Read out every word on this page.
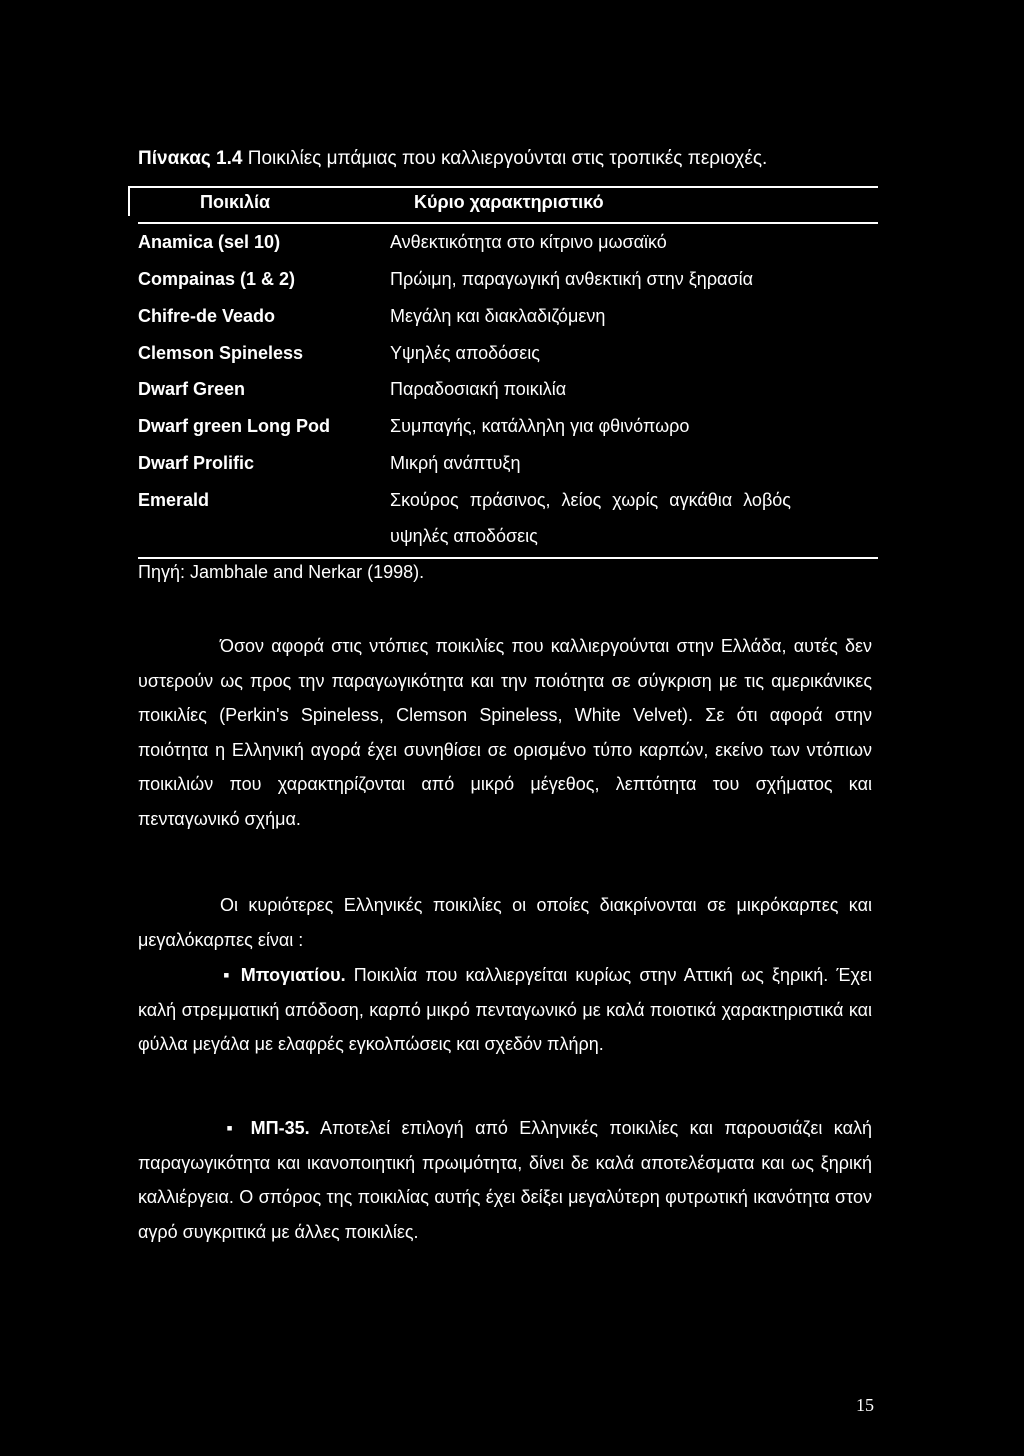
Πίνακας 1.4 Ποικιλίες μπάμιας που καλλιεργούνται στις τροπικές περιοχές.
Ποικιλία	Κύριο χαρακτηριστικό
Anamica (sel 10)	Ανθεκτικότητα στο κίτρινο μωσαϊκό
Compainas (1 & 2)	Πρώιμη, παραγωγική ανθεκτική στην ξηρασία
Chifre-de Veado	Μεγάλη και διακλαδιζόμενη
Clemson Spineless	Υψηλές αποδόσεις
Dwarf Green	Παραδοσιακή ποικιλία
Dwarf green Long Pod	Συμπαγής, κατάλληλη για φθινόπωρο
Dwarf Prolific	Μικρή ανάπτυξη
Emerald	Σκούρος πράσινος, λείος χωρίς αγκάθια λοβός
υψηλές αποδόσεις
Πηγή: Jambhale and Nerkar (1998).

Όσον αφορά στις ντόπιες ποικιλίες που καλλιεργούνται στην Ελλάδα, αυτές δεν υστερούν ως προς την παραγωγικότητα και την ποιότητα σε σύγκριση με τις αμερικάνικες ποικιλίες (Perkin's Spineless, Clemson Spineless, White Velvet). Σε ότι αφορά στην ποιότητα η Ελληνική αγορά έχει συνηθίσει σε ορισμένο τύπο καρπών, εκείνο των ντόπιων ποικιλιών που χαρακτηρίζονται από μικρό μέγεθος, λεπτότητα του σχήματος και πενταγωνικό σχήμα.

Οι κυριότερες Ελληνικές ποικιλίες οι οποίες διακρίνονται σε μικρόκαρπες και μεγαλόκαρπες είναι :

▪ Μπογιατίου. Ποικιλία που καλλιεργείται κυρίως στην Αττική ως ξηρική. Έχει καλή στρεμματική απόδοση, καρπό μικρό πενταγωνικό με καλά ποιοτικά χαρακτηριστικά και φύλλα μεγάλα με ελαφρές εγκολπώσεις και σχεδόν πλήρη.

▪ ΜΠ-35. Αποτελεί επιλογή από Ελληνικές ποικιλίες και παρουσιάζει καλή παραγωγικότητα και ικανοποιητική πρωιμότητα, δίνει δε καλά αποτελέσματα και ως ξηρική καλλιέργεια. Ο σπόρος της ποικιλίας αυτής έχει δείξει μεγαλύτερη φυτρωτική ικανότητα στον αγρό συγκριτικά με άλλες ποικιλίες.

15
